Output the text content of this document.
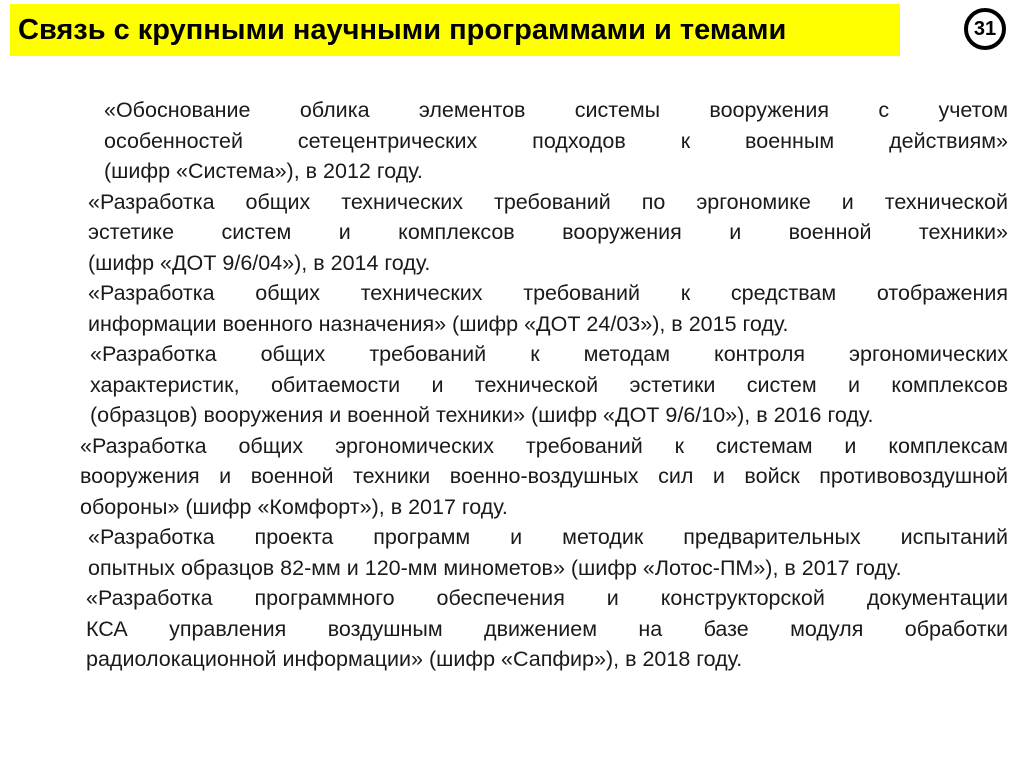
Связь с крупными научными программами и темами	31

«Обоснование облика элементов системы вооружения с учетом
особенностей сетецентрических подходов к военным действиям»
(шифр «Система»), в 2012 году.

«Разработка общих технических требований по эргономике и технической
эстетике систем и комплексов вооружения и военной техники»
(шифр «ДОТ 9/6/04»), в 2014 году.

«Разработка общих технических требований к средствам отображения
информации военного назначения» (шифр «ДОТ 24/03»), в 2015 году.

«Разработка общих требований к методам контроля эргономических
характеристик, обитаемости и технической эстетики систем и комплексов
(образцов) вооружения и военной техники» (шифр «ДОТ 9/6/10»), в 2016 году.

«Разработка общих эргономических требований к системам и комплексам
вооружения и военной техники военно-воздушных сил и войск противовоздушной
обороны» (шифр «Комфорт»), в 2017 году.

«Разработка проекта программ и методик предварительных испытаний
опытных образцов 82-мм и 120-мм минометов» (шифр «Лотос-ПМ»), в 2017 году.

«Разработка программного обеспечения и конструкторской документации
КСА управления воздушным движением на базе модуля обработки
радиолокационной информации» (шифр «Сапфир»), в 2018 году.
